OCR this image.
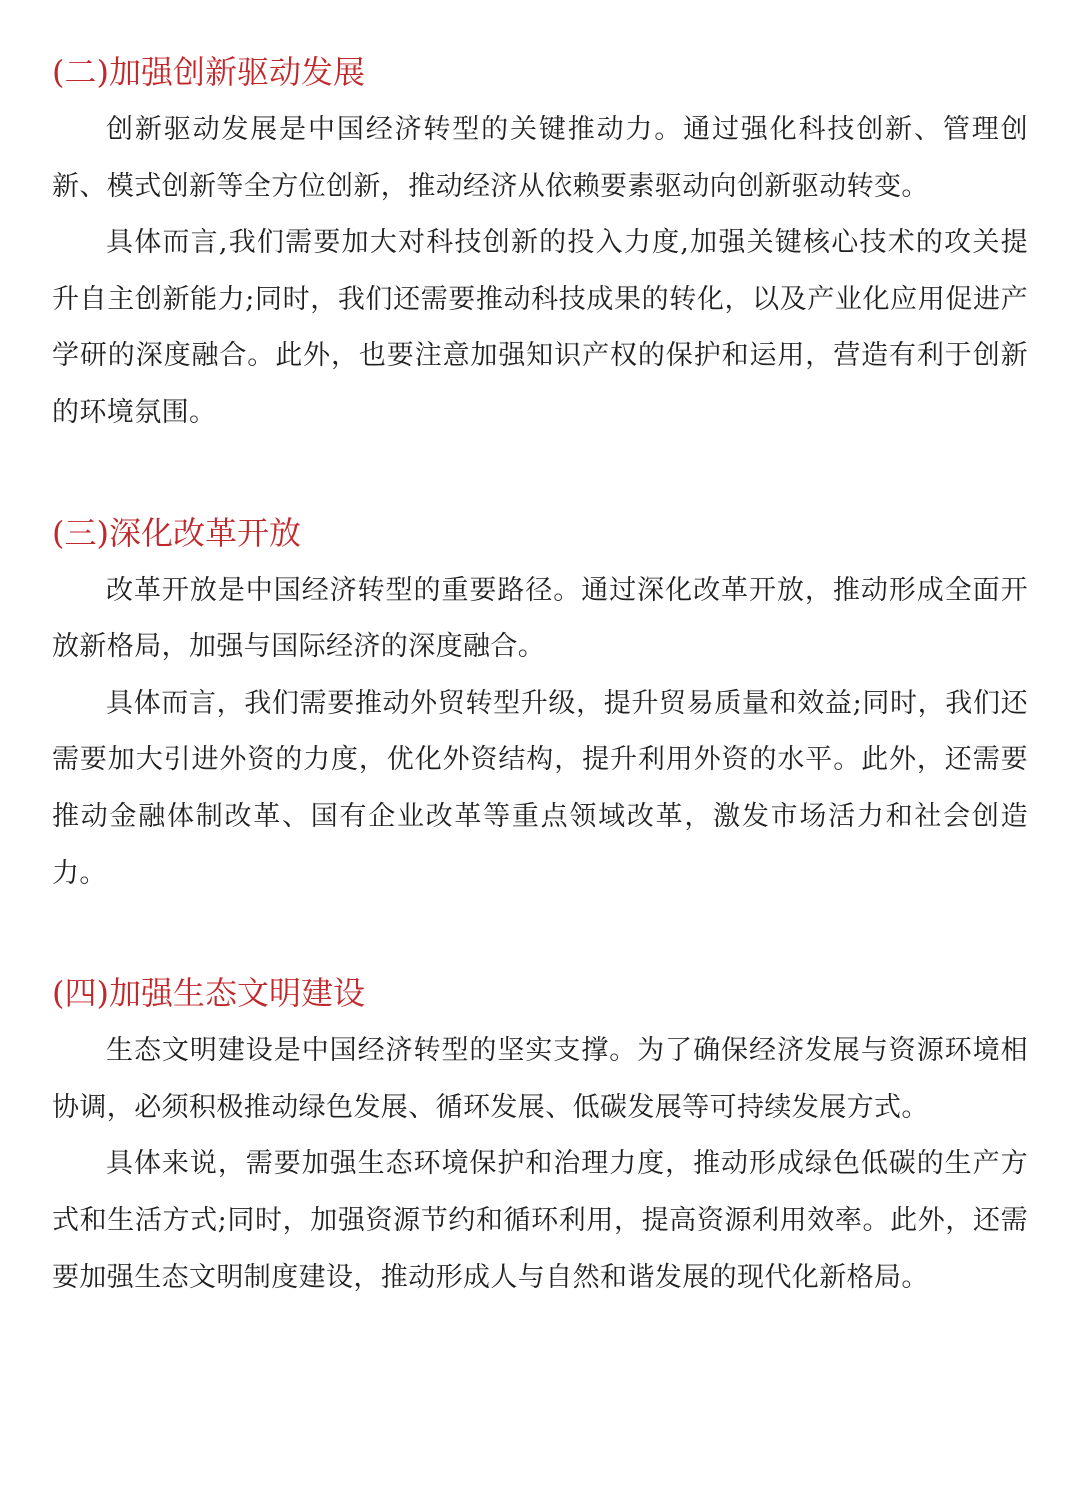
(二)加强创新驱动发展

创新驱动发展是中国经济转型的关键推动力。通过强化科技创新、管理创新、模式创新等全方位创新，推动经济从依赖要素驱动向创新驱动转变。

具体而言,我们需要加大对科技创新的投入力度,加强关键核心技术的攻关提升自主创新能力;同时，我们还需要推动科技成果的转化，以及产业化应用促进产学研的深度融合。此外，也要注意加强知识产权的保护和运用，营造有利于创新的环境氛围。

(三)深化改革开放

改革开放是中国经济转型的重要路径。通过深化改革开放，推动形成全面开放新格局，加强与国际经济的深度融合。

具体而言，我们需要推动外贸转型升级，提升贸易质量和效益;同时，我们还需要加大引进外资的力度，优化外资结构，提升利用外资的水平。此外，还需要推动金融体制改革、国有企业改革等重点领域改革，激发市场活力和社会创造力。

(四)加强生态文明建设

生态文明建设是中国经济转型的坚实支撑。为了确保经济发展与资源环境相协调，必须积极推动绿色发展、循环发展、低碳发展等可持续发展方式。

具体来说，需要加强生态环境保护和治理力度，推动形成绿色低碳的生产方式和生活方式;同时，加强资源节约和循环利用，提高资源利用效率。此外，还需要加强生态文明制度建设，推动形成人与自然和谐发展的现代化新格局。
